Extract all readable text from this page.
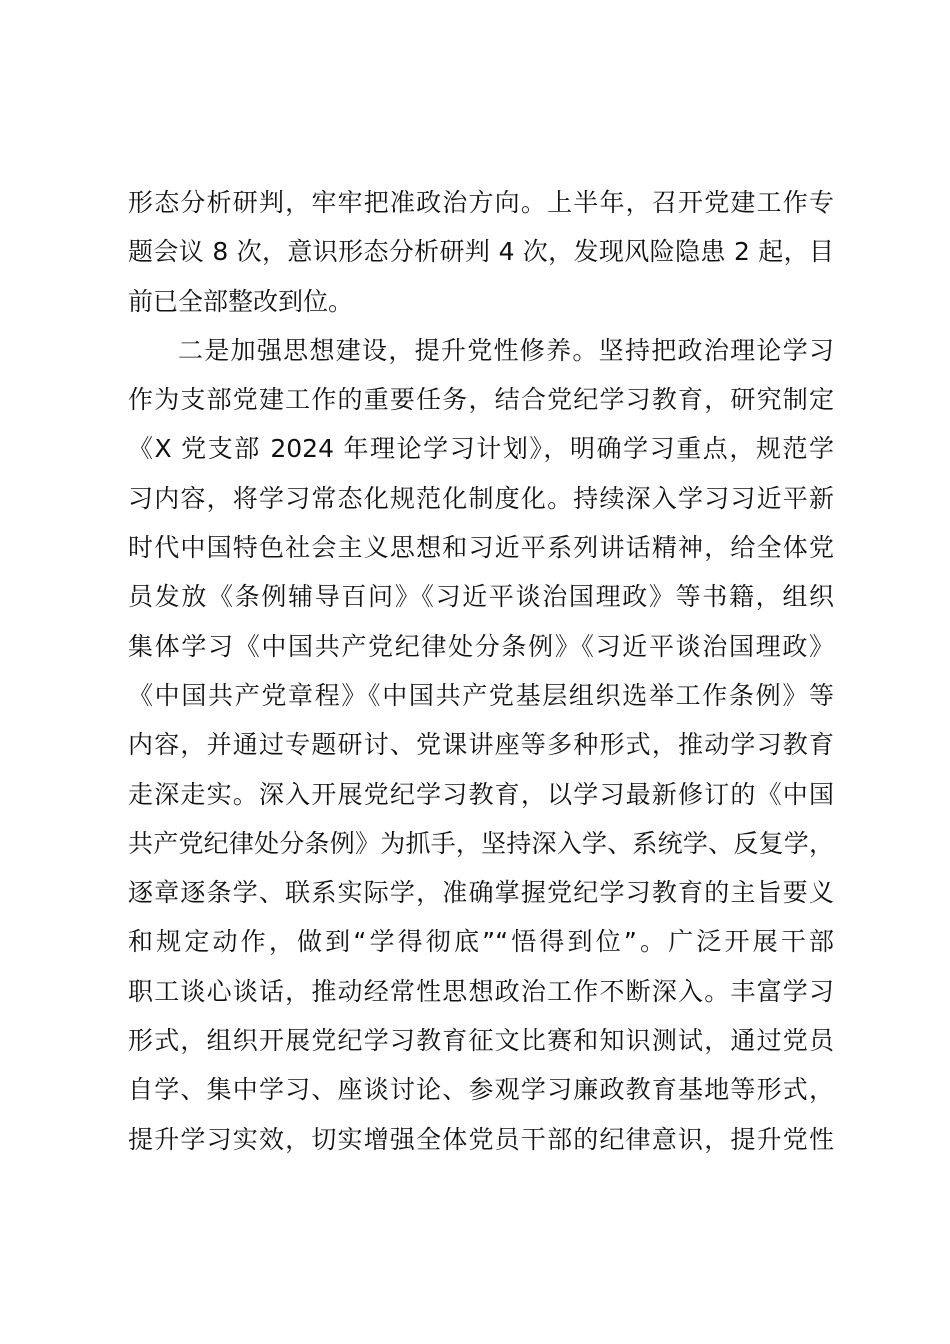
形态分析研判，牢牢把准政治方向。上半年，召开党建工作专
题会议 8 次，意识形态分析研判 4 次，发现风险隐患 2 起，目
前已全部整改到位。
二是加强思想建设，提升党性修养。坚持把政治理论学习
作为支部党建工作的重要任务，结合党纪学习教育，研究制定
《X 党支部 2024 年理论学习计划》，明确学习重点，规范学
习内容，将学习常态化规范化制度化。持续深入学习习近平新
时代中国特色社会主义思想和习近平系列讲话精神，给全体党
员发放《条例辅导百问》《习近平谈治国理政》等书籍，组织
集体学习《中国共产党纪律处分条例》《习近平谈治国理政》
《中国共产党章程》《中国共产党基层组织选举工作条例》等
内容，并通过专题研讨、党课讲座等多种形式，推动学习教育
走深走实。深入开展党纪学习教育，以学习最新修订的《中国
共产党纪律处分条例》为抓手，坚持深入学、系统学、反复学，
逐章逐条学、联系实际学，准确掌握党纪学习教育的主旨要义
和规定动作，做到“学得彻底”“悟得到位”。广泛开展干部
职工谈心谈话，推动经常性思想政治工作不断深入。丰富学习
形式，组织开展党纪学习教育征文比赛和知识测试，通过党员
自学、集中学习、座谈讨论、参观学习廉政教育基地等形式，
提升学习实效，切实增强全体党员干部的纪律意识，提升党性
